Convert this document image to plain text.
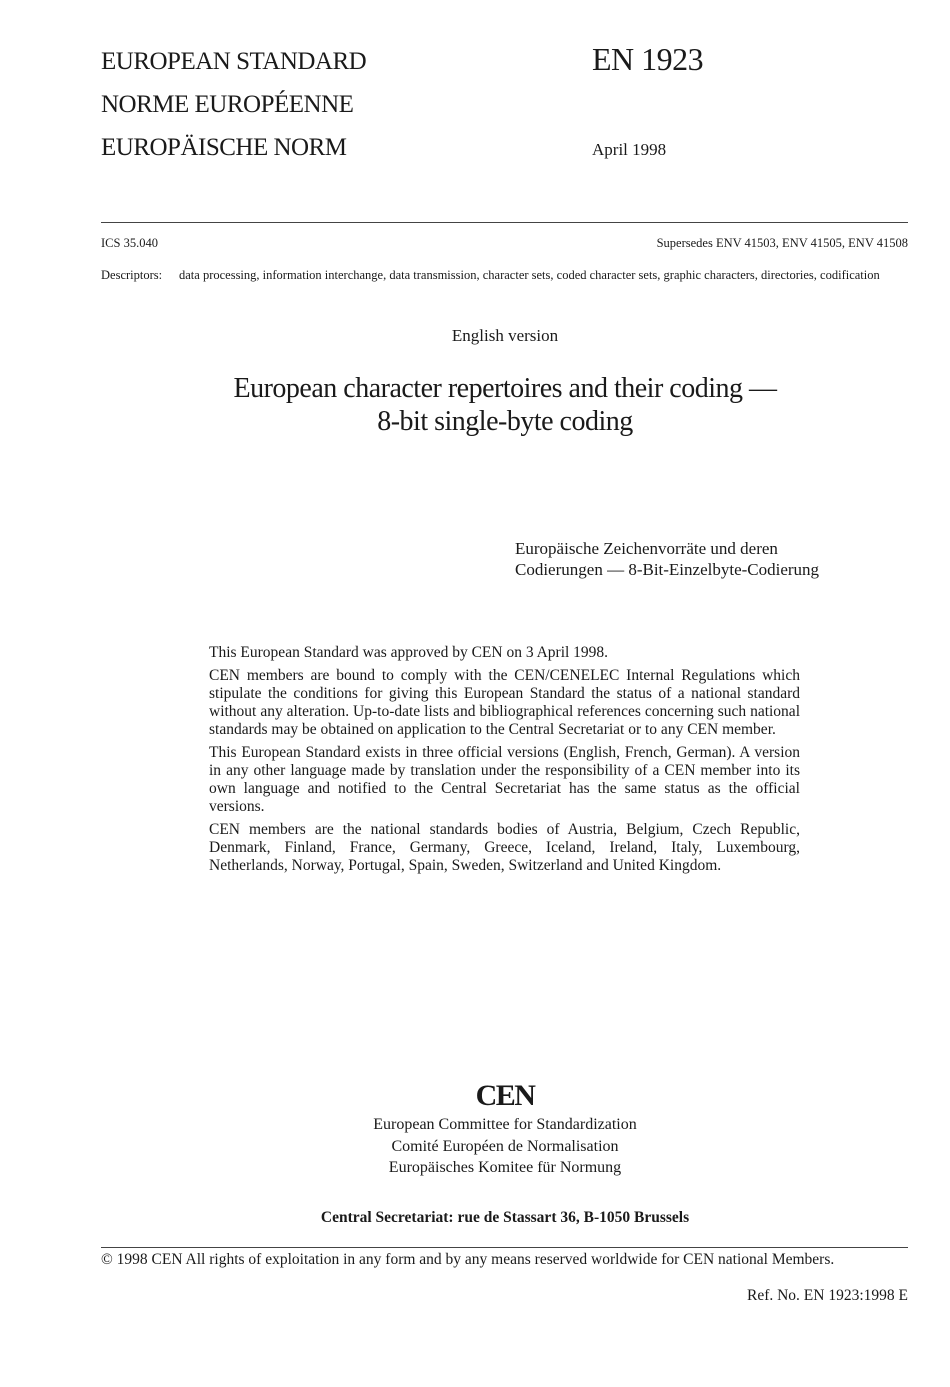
EUROPEAN STANDARD
NORME EUROPÉENNE
EUROPÄISCHE NORM
EN 1923
April 1998
ICS 35.040	Supersedes ENV 41503, ENV 41505, ENV 41508
Descriptors: data processing, information interchange, data transmission, character sets, coded character sets, graphic characters, directories, codification
English version
European character repertoires and their coding —
8-bit single-byte coding
Europäische Zeichenvorräte und deren
Codierungen — 8-Bit-Einzelbyte-Codierung

This European Standard was approved by CEN on 3 April 1998.

CEN members are bound to comply with the CEN/CENELEC Internal Regulations which stipulate the conditions for giving this European Standard the status of a national standard without any alteration. Up-to-date lists and bibliographical references concerning such national standards may be obtained on application to the Central Secretariat or to any CEN member.

This European Standard exists in three official versions (English, French, German). A version in any other language made by translation under the responsibility of a CEN member into its own language and notified to the Central Secretariat has the same status as the official versions.

CEN members are the national standards bodies of Austria, Belgium, Czech Republic, Denmark, Finland, France, Germany, Greece, Iceland, Ireland, Italy, Luxembourg, Netherlands, Norway, Portugal, Spain, Sweden, Switzerland and United Kingdom.

CEN
European Committee for Standardization
Comité Européen de Normalisation
Europäisches Komitee für Normung
Central Secretariat: rue de Stassart 36, B-1050 Brussels
© 1998 CEN All rights of exploitation in any form and by any means reserved worldwide for CEN national Members.
Ref. No. EN 1923:1998 E
